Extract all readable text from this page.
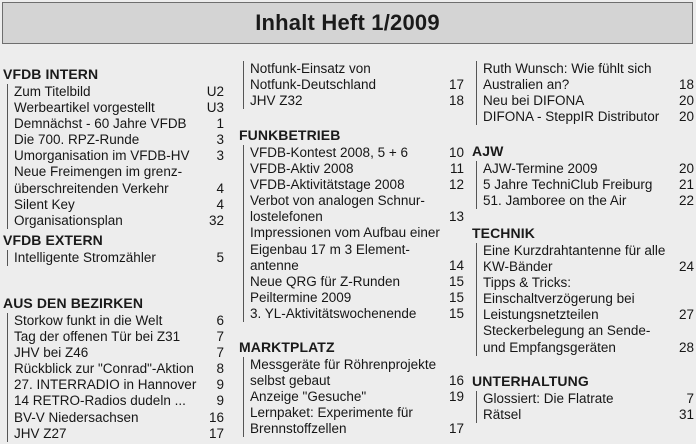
Inhalt Heft 1/2009
VFDB INTERN
Zum Titelbild	U2
Werbeartikel vorgestellt	U3
Demnächst - 60 Jahre VFDB	1
Die 700. RPZ-Runde	3
Umorganisation im VFDB-HV	3
Neue Freimengen im grenz-
überschreitenden Verkehr	4
Silent Key	4
Organisationsplan	32
VFDB EXTERN
Intelligente Stromzähler	5
AUS DEN BEZIRKEN
Storkow funkt in die Welt	6
Tag der offenen Tür bei Z31	7
JHV bei Z46	7
Rückblick zur "Conrad"-Aktion	8
27. INTERRADIO in Hannover	9
14 RETRO-Radios dudeln ...	9
BV-V Niedersachsen	16
JHV Z27	17
Notfunk-Einsatz von
Notfunk-Deutschland	17
JHV Z32	18
FUNKBETRIEB
VFDB-Kontest 2008, 5 + 6	10
VFDB-Aktiv 2008	11
VFDB-Aktivitätstage 2008	12
Verbot von analogen Schnur-
lostelefonen	13
Impressionen vom Aufbau einer
Eigenbau 17 m 3 Element-
antenne	14
Neue QRG für Z-Runden	15
Peiltermine 2009	15
3. YL-Aktivitätswochenende	15
MARKTPLATZ
Messgeräte für Röhrenprojekte
selbst gebaut	16
Anzeige "Gesuche"	19
Lernpaket: Experimente für
Brennstoffzellen	17
Ruth Wunsch: Wie fühlt sich
Australien an?	18
Neu bei DIFONA	20
DIFONA - SteppIR Distributor	20
AJW
AJW-Termine 2009	20
5 Jahre TechniClub Freiburg	21
51. Jamboree on the Air	22
TECHNIK
Eine Kurzdrahtantenne für alle
KW-Bänder	24
Tipps & Tricks:
Einschaltverzögerung bei
Leistungsnetzteilen	27
Steckerbelegung an Sende-
und Empfangsgeräten	28
UNTERHALTUNG
Glossiert: Die Flatrate	7
Rätsel	31
